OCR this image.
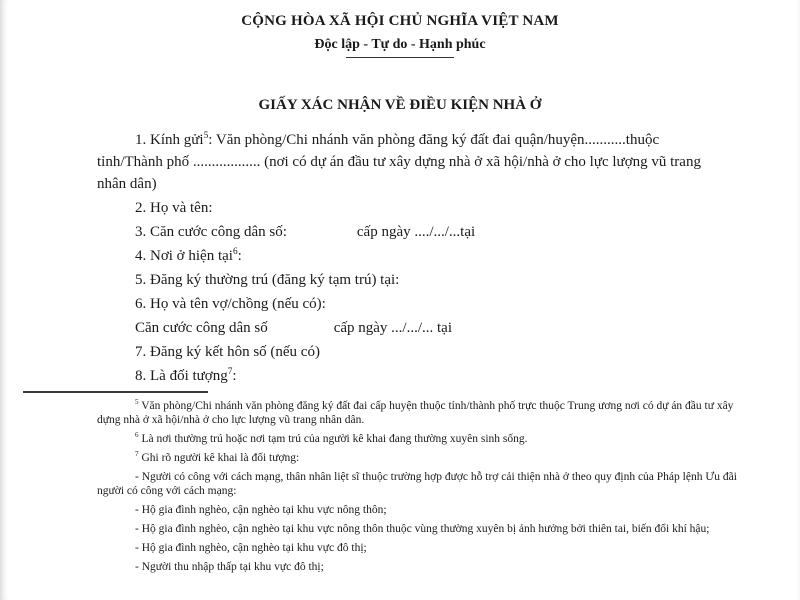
CỘNG HÒA XÃ HỘI CHỦ NGHĨA VIỆT NAM
Độc lập - Tự do - Hạnh phúc
GIẤY XÁC NHẬN VỀ ĐIỀU KIỆN NHÀ Ở

1. Kính gửi$^5$: Văn phòng/Chi nhánh văn phòng đăng ký đất đai quận/huyện...........thuộc tỉnh/Thành phố .................. (nơi có dự án đầu tư xây dựng nhà ở xã hội/nhà ở cho lực lượng vũ trang nhân dân)

2. Họ và tên:

3. Căn cước công dân số:	cấp ngày ..../.../...tại

4. Nơi ở hiện tại$^6$:

5. Đăng ký thường trú (đăng ký tạm trú) tại:

6. Họ và tên vợ/chồng (nếu có):

Căn cước công dân số	cấp ngày .../.../... tại

7. Đăng ký kết hôn số (nếu có)

8. Là đối tượng$^7$:

$^5$ Văn phòng/Chi nhánh văn phòng đăng ký đất đai cấp huyện thuộc tỉnh/thành phố trực thuộc Trung ương nơi có dự án đầu tư xây dựng nhà ở xã hội/nhà ở cho lực lượng vũ trang nhân dân.

$^6$ Là nơi thường trú hoặc nơi tạm trú của người kê khai đang thường xuyên sinh sống.

$^7$ Ghi rõ người kê khai là đối tượng:

- Người có công với cách mạng, thân nhân liệt sĩ thuộc trường hợp được hỗ trợ cải thiện nhà ở theo quy định của Pháp lệnh Ưu đãi người có công với cách mạng:

- Hộ gia đình nghèo, cận nghèo tại khu vực nông thôn;

- Hộ gia đình nghèo, cận nghèo tại khu vực nông thôn thuộc vùng thường xuyên bị ảnh hưởng bởi thiên tai, biến đổi khí hậu;

- Hộ gia đình nghèo, cận nghèo tại khu vực đô thị;

- Người thu nhập thấp tại khu vực đô thị;
